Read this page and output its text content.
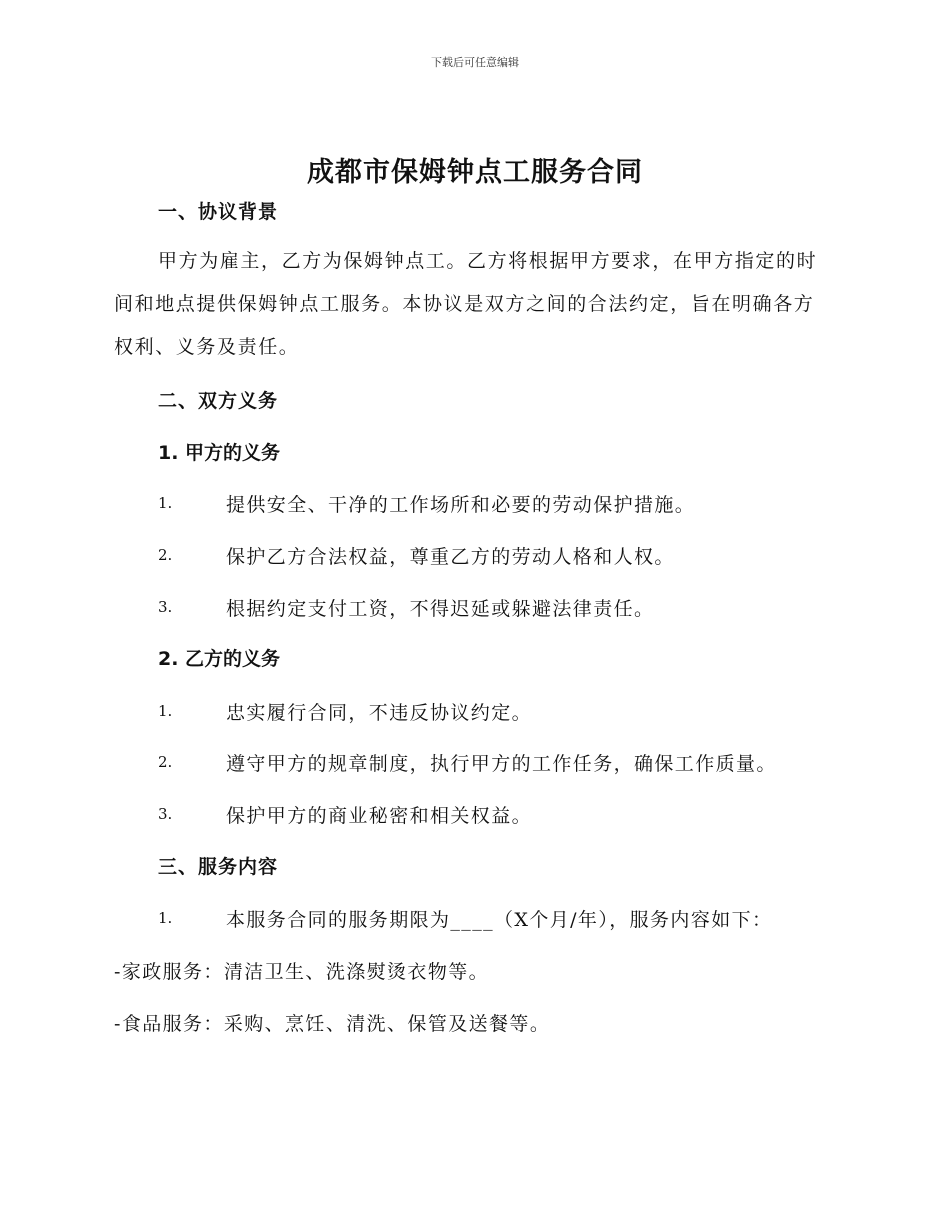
下载后可任意编辑
成都市保姆钟点工服务合同
一、协议背景
甲方为雇主，乙方为保姆钟点工。乙方将根据甲方要求，在甲方指定的时间和地点提供保姆钟点工服务。本协议是双方之间的合法约定，旨在明确各方权利、义务及责任。
二、双方义务
1. 甲方的义务
1.	提供安全、干净的工作场所和必要的劳动保护措施。
2.	保护乙方合法权益，尊重乙方的劳动人格和人权。
3.	根据约定支付工资，不得迟延或躲避法律责任。
2. 乙方的义务
1.	忠实履行合同，不违反协议约定。
2.	遵守甲方的规章制度，执行甲方的工作任务，确保工作质量。
3.	保护甲方的商业秘密和相关权益。
三、服务内容
1.	本服务合同的服务期限为____（X个月/年），服务内容如下：
-家政服务：清洁卫生、洗涤熨烫衣物等。
-食品服务：采购、烹饪、清洗、保管及送餐等。
